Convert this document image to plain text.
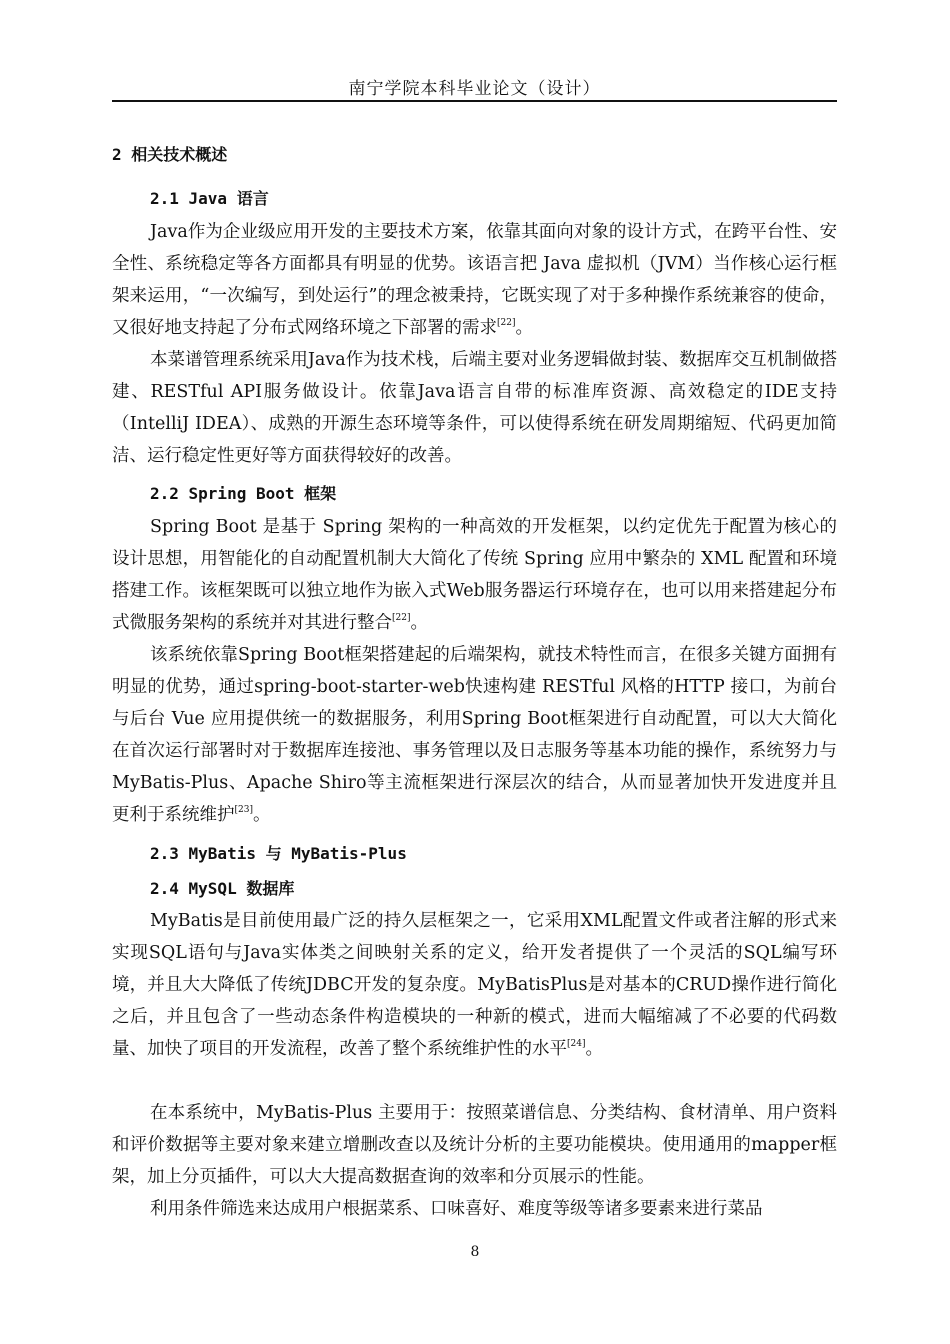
南宁学院本科毕业论文（设计）
2 相关技术概述
2.1 Java 语言
Java作为企业级应用开发的主要技术方案，依靠其面向对象的设计方式，在跨平台性、安全性、系统稳定等各方面都具有明显的优势。该语言把 Java 虚拟机（JVM）当作核心运行框架来运用，“一次编写，到处运行”的理念被秉持，它既实现了对于多种操作系统兼容的使命，又很好地支持起了分布式网络环境之下部署的需求[22]。
本菜谱管理系统采用Java作为技术栈，后端主要对业务逻辑做封装、数据库交互机制做搭建、RESTful API服务做设计。依靠Java语言自带的标准库资源、高效稳定的IDE支持（IntelliJ IDEA）、成熟的开源生态环境等条件，可以使得系统在研发周期缩短、代码更加简洁、运行稳定性更好等方面获得较好的改善。
2.2 Spring Boot 框架
Spring Boot 是基于 Spring 架构的一种高效的开发框架，以约定优先于配置为核心的设计思想，用智能化的自动配置机制大大简化了传统 Spring 应用中繁杂的 XML 配置和环境搭建工作。该框架既可以独立地作为嵌入式Web服务器运行环境存在，也可以用来搭建起分布式微服务架构的系统并对其进行整合[22]。
该系统依靠Spring Boot框架搭建起的后端架构，就技术特性而言，在很多关键方面拥有明显的优势，通过spring-boot-starter-web快速构建 RESTful 风格的HTTP 接口，为前台与后台 Vue 应用提供统一的数据服务，利用Spring Boot框架进行自动配置，可以大大简化在首次运行部署时对于数据库连接池、事务管理以及日志服务等基本功能的操作，系统努力与MyBatis-Plus、Apache Shiro等主流框架进行深层次的结合，从而显著加快开发进度并且更利于系统维护[23]。
2.3 MyBatis 与 MyBatis-Plus
2.4 MySQL 数据库
MyBatis是目前使用最广泛的持久层框架之一，它采用XML配置文件或者注解的形式来实现SQL语句与Java实体类之间映射关系的定义，给开发者提供了一个灵活的SQL编写环境，并且大大降低了传统JDBC开发的复杂度。MyBatisPlus是对基本的CRUD操作进行简化之后，并且包含了一些动态条件构造模块的一种新的模式，进而大幅缩减了不必要的代码数量、加快了项目的开发流程，改善了整个系统维护性的水平[24]。
在本系统中，MyBatis-Plus 主要用于：按照菜谱信息、分类结构、食材清单、用户资料和评价数据等主要对象来建立增删改查以及统计分析的主要功能模块。使用通用的mapper框架，加上分页插件，可以大大提高数据查询的效率和分页展示的性能。
利用条件筛选来达成用户根据菜系、口味喜好、难度等级等诸多要素来进行菜品
8
